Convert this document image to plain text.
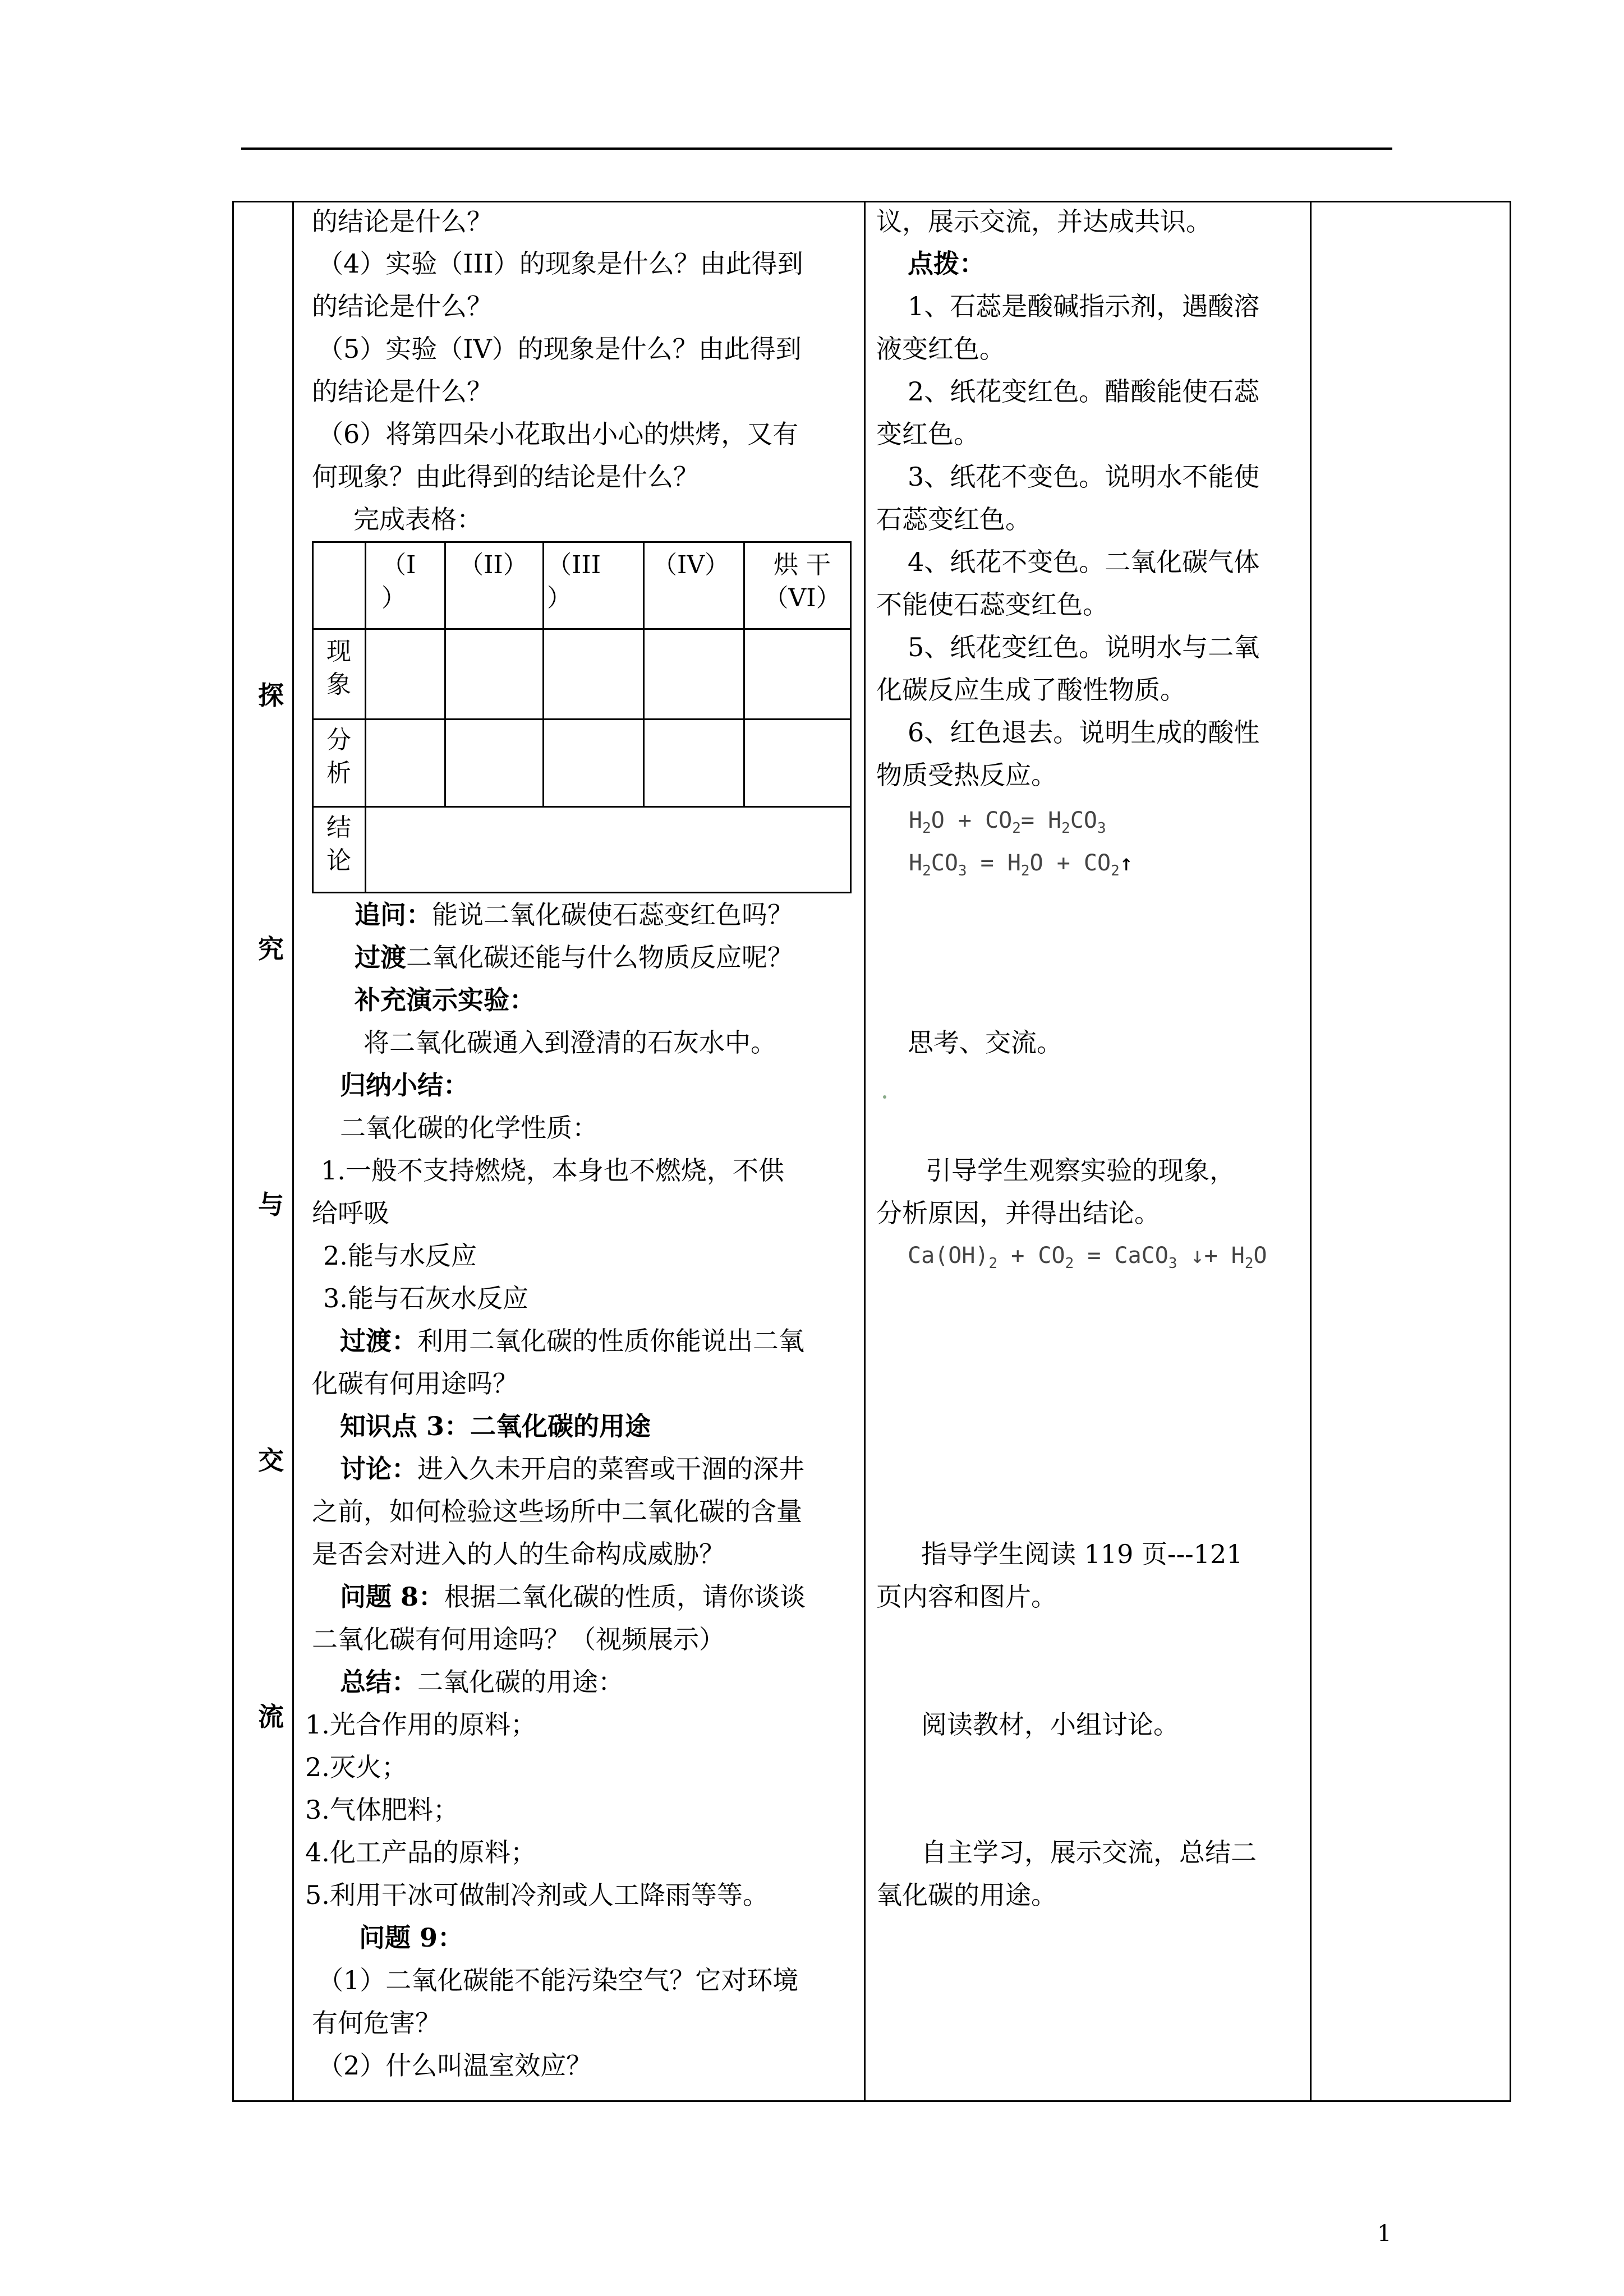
探
究
与
交
流
的结论是什么？
（4）实验（III）的现象是什么？由此得到
的结论是什么？
（5）实验（IV）的现象是什么？由此得到
的结论是什么？
（6）将第四朵小花取出小心的烘烤，又有
何现象？由此得到的结论是什么？
完成表格：
（I
）
（II） （III
）
（IV）	烘 干
（VI）
现
象
分
析
结
论
追问：能说二氧化碳使石蕊变红色吗？
过渡二氧化碳还能与什么物质反应呢？
补充演示实验：
将二氧化碳通入到澄清的石灰水中。
归纳小结：
二氧化碳的化学性质：
1.一般不支持燃烧，本身也不燃烧，不供
给呼吸
2.能与水反应
3.能与石灰水反应
过渡：利用二氧化碳的性质你能说出二氧
化碳有何用途吗？
知识点 3：二氧化碳的用途
讨论：进入久未开启的菜窖或干涸的深井
之前，如何检验这些场所中二氧化碳的含量
是否会对进入的人的生命构成威胁？
问题 8：根据二氧化碳的性质，请你谈谈
二氧化碳有何用途吗？（视频展示）
总结：二氧化碳的用途：
1.光合作用的原料；
2.灭火；
3.气体肥料；
4.化工产品的原料；
5.利用干冰可做制冷剂或人工降雨等等。
问题 9：
（1）二氧化碳能不能污染空气？它对环境
有何危害？
（2）什么叫温室效应？
议，展示交流，并达成共识。
点拨：
1、石蕊是酸碱指示剂，遇酸溶
液变红色。
2、纸花变红色。醋酸能使石蕊
变红色。
3、纸花不变色。说明水不能使
石蕊变红色。
4、纸花不变色。二氧化碳气体
不能使石蕊变红色。
5、纸花变红色。说明水与二氧
化碳反应生成了酸性物质。
6、红色退去。说明生成的酸性
物质受热反应。
$H_2O + CO_2= H_2CO_3$
$H_2CO_3 = H_2O$ + $CO_2↑$
思考、交流。
引导学生观察实验的现象，
分析原因，并得出结论。
$Ca(OH)_2 + CO_2$ = CaCO$_3$ ↓+ $H_2O$
指导学生阅读 119 页---121
页内容和图片。
阅读教材，小组讨论。
自主学习，展示交流，总结二
氧化碳的用途。
1
